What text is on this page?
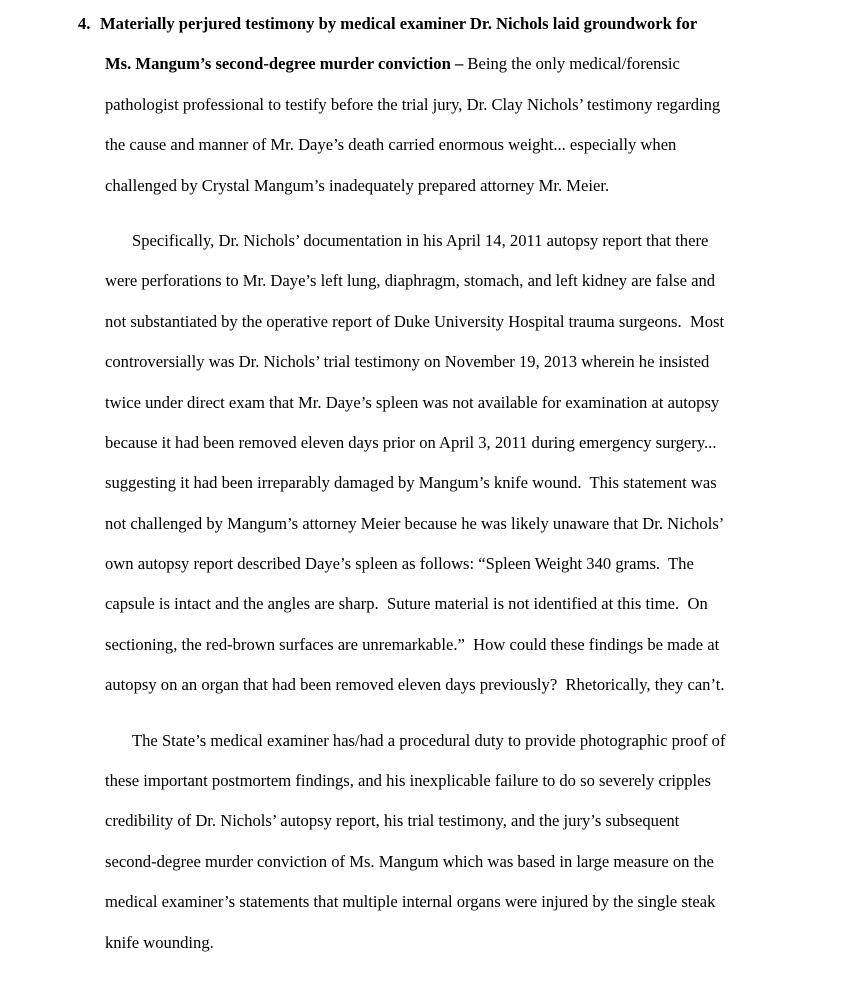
4. Materially perjured testimony by medical examiner Dr. Nichols laid groundwork for
Ms. Mangum’s second-degree murder conviction – Being the only medical/forensic
pathologist professional to testify before the trial jury, Dr. Clay Nichols’ testimony regarding
the cause and manner of Mr. Daye’s death carried enormous weight... especially when
challenged by Crystal Mangum’s inadequately prepared attorney Mr. Meier.
Specifically, Dr. Nichols’ documentation in his April 14, 2011 autopsy report that there
were perforations to Mr. Daye’s left lung, diaphragm, stomach, and left kidney are false and
not substantiated by the operative report of Duke University Hospital trauma surgeons.  Most
controversially was Dr. Nichols’ trial testimony on November 19, 2013 wherein he insisted
twice under direct exam that Mr. Daye’s spleen was not available for examination at autopsy
because it had been removed eleven days prior on April 3, 2011 during emergency surgery...
suggesting it had been irreparably damaged by Mangum’s knife wound.  This statement was
not challenged by Mangum’s attorney Meier because he was likely unaware that Dr. Nichols’
own autopsy report described Daye’s spleen as follows: “Spleen Weight 340 grams.  The
capsule is intact and the angles are sharp.  Suture material is not identified at this time.  On
sectioning, the red-brown surfaces are unremarkable.”  How could these findings be made at
autopsy on an organ that had been removed eleven days previously?  Rhetorically, they can’t.
The State’s medical examiner has/had a procedural duty to provide photographic proof of
these important postmortem findings, and his inexplicable failure to do so severely cripples
credibility of Dr. Nichols’ autopsy report, his trial testimony, and the jury’s subsequent
second-degree murder conviction of Ms. Mangum which was based in large measure on the
medical examiner’s statements that multiple internal organs were injured by the single steak
knife wounding.
